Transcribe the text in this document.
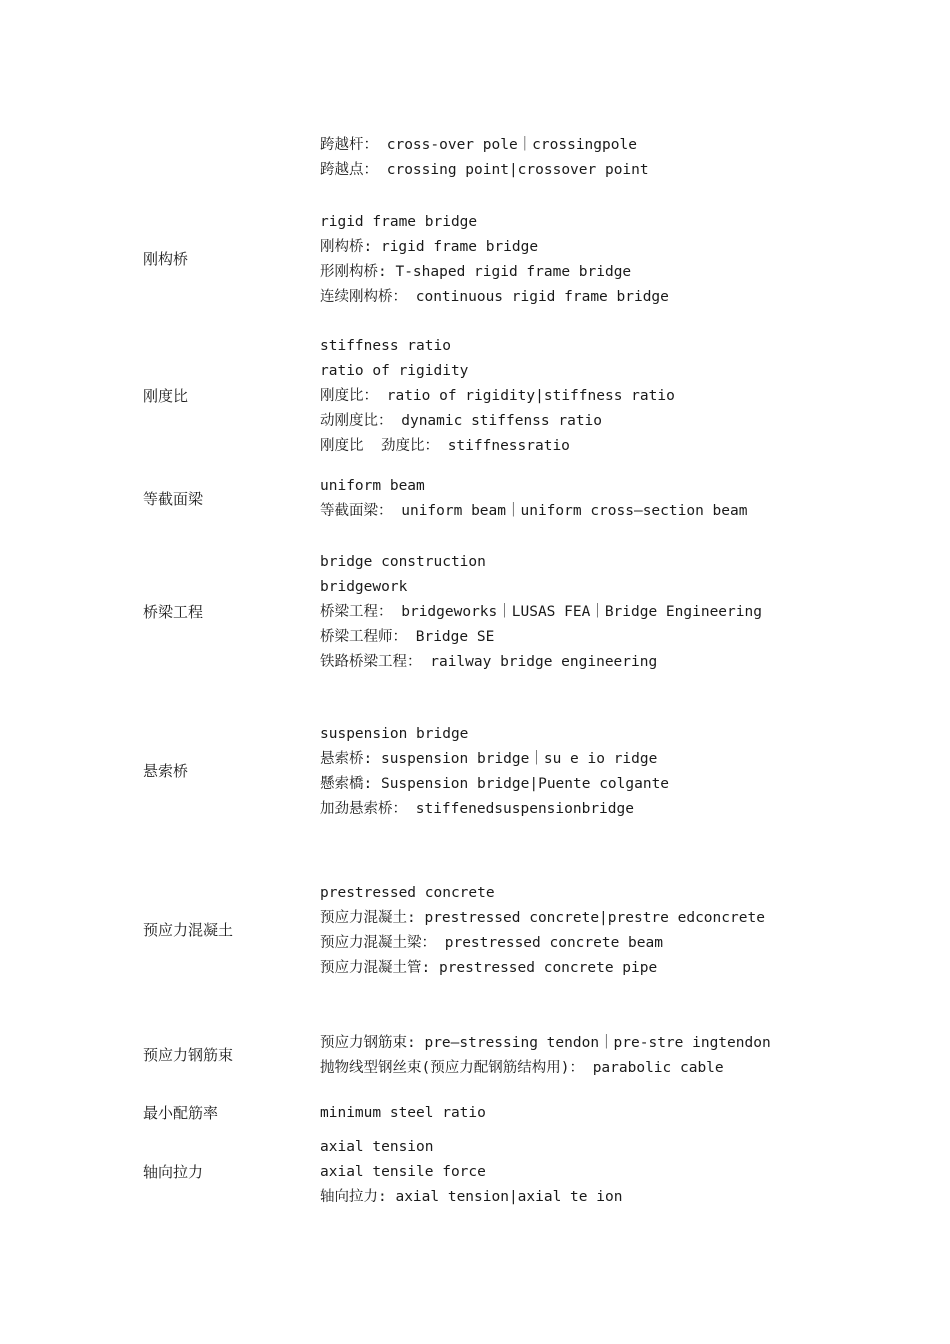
跨越杆： cross-over pole｜crossingpole
跨越点： crossing point|crossover point
刚构桥
rigid frame bridge
刚构桥: rigid frame bridge
形刚构桥: T-shaped rigid frame bridge
连续刚构桥： continuous rigid frame bridge
刚度比
stiffness ratio
ratio of rigidity
刚度比： ratio of rigidity|stiffness ratio
动刚度比： dynamic stiffenss ratio
刚度比  劲度比： stiffnessratio
等截面梁
uniform beam
等截面梁： uniform beam｜uniform cross—section beam
桥梁工程
bridge construction
bridgework
桥梁工程： bridgeworks｜LUSAS FEA｜Bridge Engineering
桥梁工程师： Bridge SE
铁路桥梁工程： railway bridge engineering
悬索桥
suspension bridge
悬索桥: suspension bridge｜su e io ridge
懸索橋: Suspension bridge|Puente colgante
加劲悬索桥： stiffenedsuspensionbridge
预应力混凝土
prestressed concrete
预应力混凝土: prestressed concrete|prestre edconcrete
预应力混凝土梁： prestressed concrete beam
预应力混凝土管: prestressed concrete pipe
预应力钢筋束
预应力钢筋束: pre—stressing tendon｜pre-stre ingtendon
抛物线型钢丝束(预应力配钢筋结构用)： parabolic cable
最小配筋率	minimum steel ratio
轴向拉力
axial tension
axial tensile force
轴向拉力: axial tension|axial te ion
